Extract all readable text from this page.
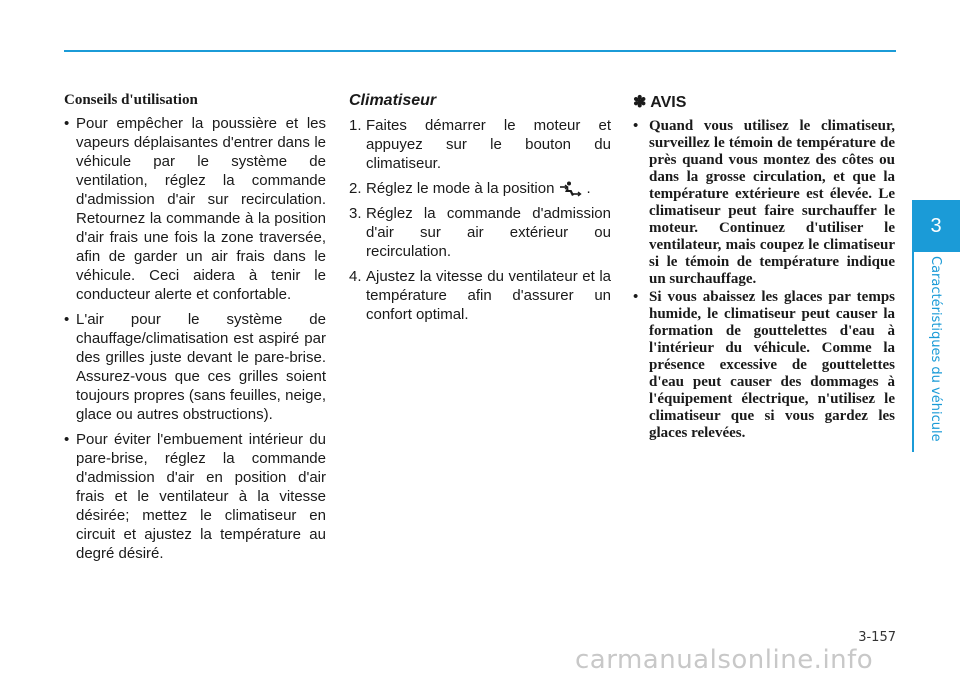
Conseils d'utilisation
• Pour empêcher la poussière et les vapeurs déplaisantes d'entrer dans le véhicule par le système de ventilation, réglez la commande d'admission d'air sur recirculation. Retournez la commande à la position d'air frais une fois la zone traversée, afin de garder un air frais dans le véhicule. Ceci aidera à tenir le conducteur alerte et confortable.
• L'air pour le système de chauffage/climatisation est aspiré par des grilles juste devant le pare-brise. Assurez-vous que ces grilles soient toujours propres (sans feuilles, neige, glace ou autres obstructions).
• Pour éviter l'embuement intérieur du pare-brise, réglez la commande d'admission d'air en position d'air frais et le ventilateur à la vitesse désirée; mettez le climatiseur en circuit et ajustez la température au degré désiré.
Climatiseur
1. Faites démarrer le moteur et appuyez sur le bouton du climatiseur.
2. Réglez le mode à la position .
3. Réglez la commande d'admission d'air sur air extérieur ou recirculation.
4. Ajustez la vitesse du ventilateur et la température afin d'assurer un confort optimal.
✽ AVIS
• Quand vous utilisez le climatiseur, surveillez le témoin de température de près quand vous montez des côtes ou dans la grosse circulation, et que la température extérieure est élevée. Le climatiseur peut faire surchauffer le moteur. Continuez d'utiliser le ventilateur, mais coupez le climatiseur si le témoin de température indique un surchauffage.
• Si vous abaissez les glaces par temps humide, le climatiseur peut causer la formation de gouttelettes d'eau à l'intérieur du véhicule. Comme la présence excessive de gouttelettes d'eau peut causer des dommages à l'équipement électrique, n'utilisez le climatiseur que si vous gardez les glaces relevées.
3
Caractéristiques du véhicule
3-157
carmanualsonline.info
